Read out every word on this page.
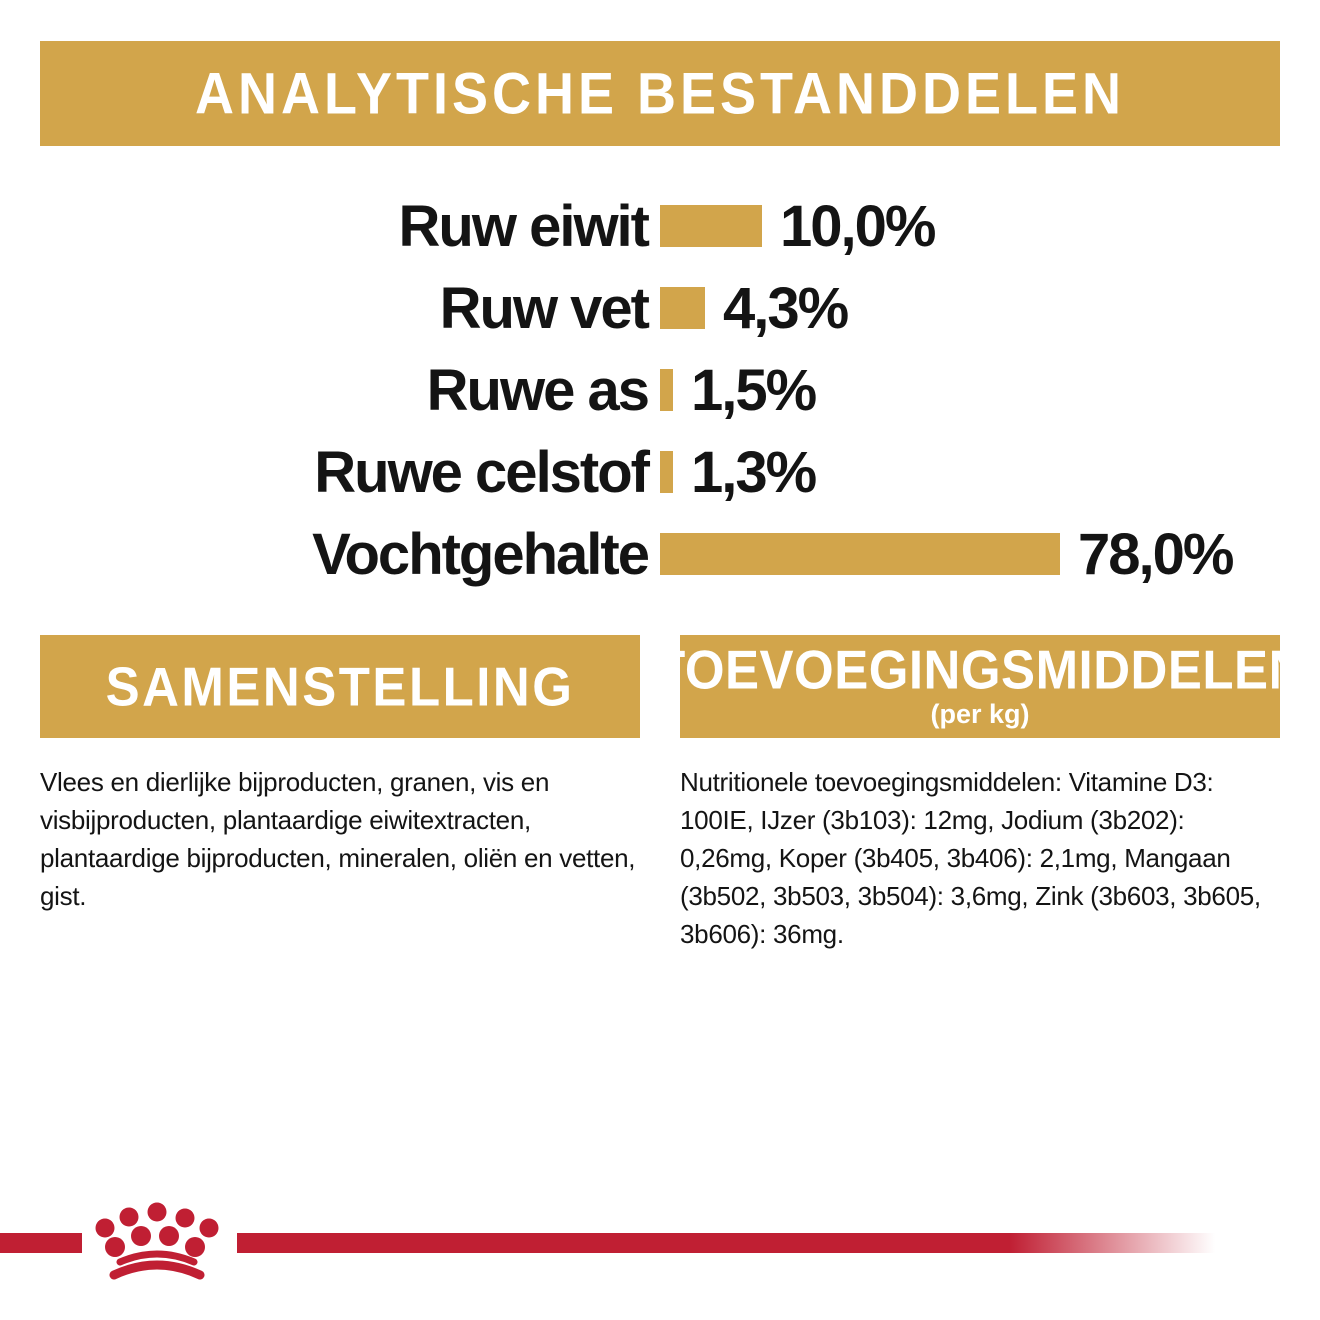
ANALYTISCHE BESTANDDELEN
Ruw eiwit 10,0%
Ruw vet 4,3%
Ruwe as 1,5%
Ruwe celstof 1,3%
Vochtgehalte	78,0%
SAMENSTELLING

Vlees en dierlijke bijproducten, granen, vis en visbijproducten, plantaardige eiwitextracten, plantaardige bijproducten, mineralen, oliën en vetten, gist.

TOEVOEGINGSMIDDELEN
(per kg)

Nutritionele toevoegingsmiddelen: Vitamine D3: 100IE, IJzer (3b103): 12mg, Jodium (3b202): 0,26mg, Koper (3b405, 3b406): 2,1mg, Mangaan (3b502, 3b503, 3b504): 3,6mg, Zink (3b603, 3b605, 3b606): 36mg.
